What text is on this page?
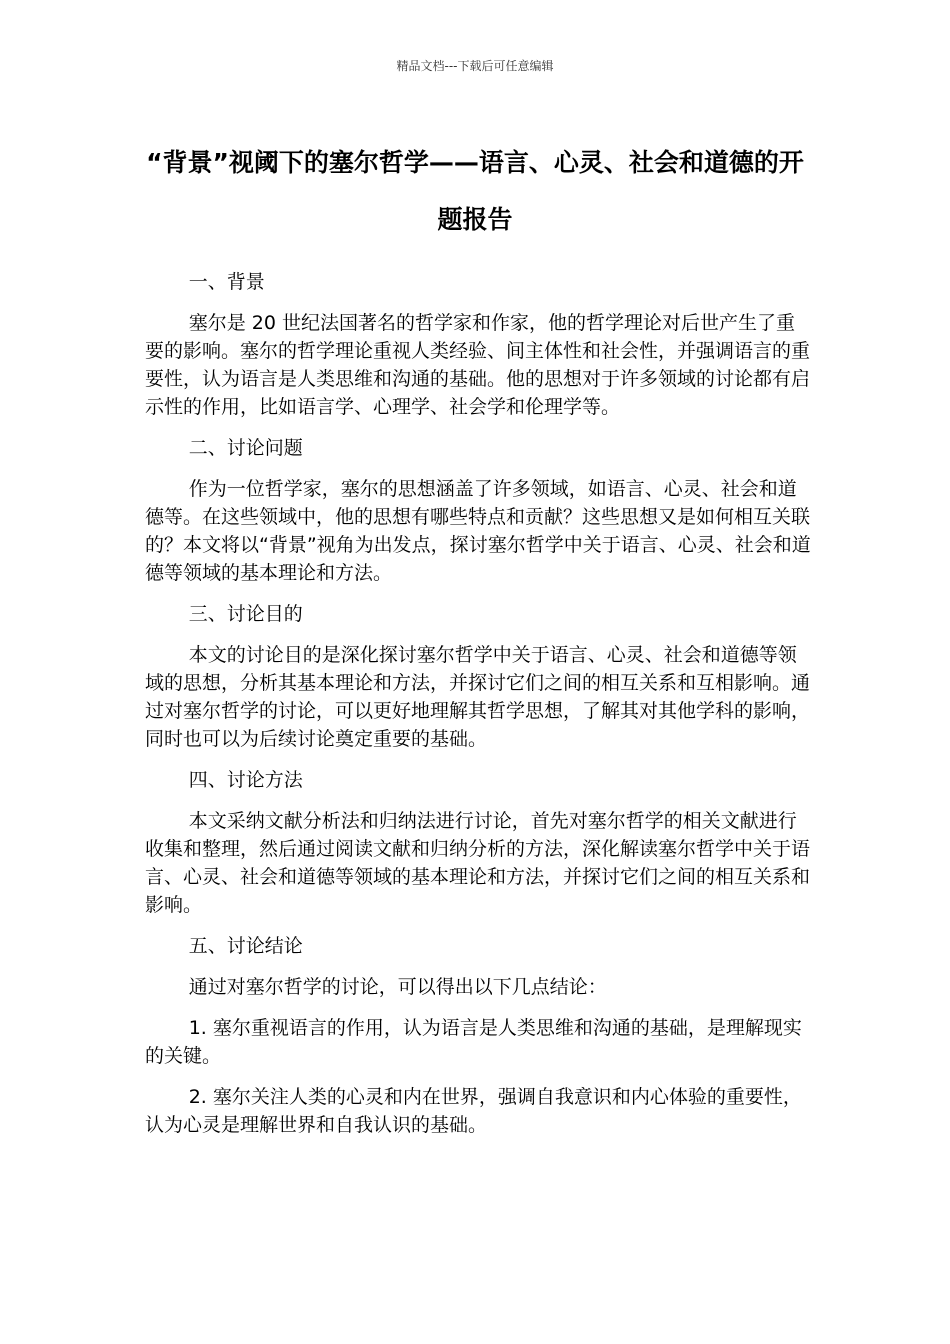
精品文档---下载后可任意编辑
“背景”视阈下的塞尔哲学——语言、心灵、社会和道德的开题报告

一、背景

塞尔是 20 世纪法国著名的哲学家和作家，他的哲学理论对后世产生了重要的影响。塞尔的哲学理论重视人类经验、间主体性和社会性，并强调语言的重要性，认为语言是人类思维和沟通的基础。他的思想对于许多领域的讨论都有启示性的作用，比如语言学、心理学、社会学和伦理学等。

二、讨论问题

作为一位哲学家，塞尔的思想涵盖了许多领域，如语言、心灵、社会和道德等。在这些领域中，他的思想有哪些特点和贡献？这些思想又是如何相互关联的？本文将以“背景”视角为出发点，探讨塞尔哲学中关于语言、心灵、社会和道德等领域的基本理论和方法。

三、讨论目的

本文的讨论目的是深化探讨塞尔哲学中关于语言、心灵、社会和道德等领域的思想，分析其基本理论和方法，并探讨它们之间的相互关系和互相影响。通过对塞尔哲学的讨论，可以更好地理解其哲学思想，了解其对其他学科的影响，同时也可以为后续讨论奠定重要的基础。

四、讨论方法

本文采纳文献分析法和归纳法进行讨论，首先对塞尔哲学的相关文献进行收集和整理，然后通过阅读文献和归纳分析的方法，深化解读塞尔哲学中关于语言、心灵、社会和道德等领域的基本理论和方法，并探讨它们之间的相互关系和影响。

五、讨论结论

通过对塞尔哲学的讨论，可以得出以下几点结论：

1. 塞尔重视语言的作用，认为语言是人类思维和沟通的基础，是理解现实的关键。

2. 塞尔关注人类的心灵和内在世界，强调自我意识和内心体验的重要性，认为心灵是理解世界和自我认识的基础。
